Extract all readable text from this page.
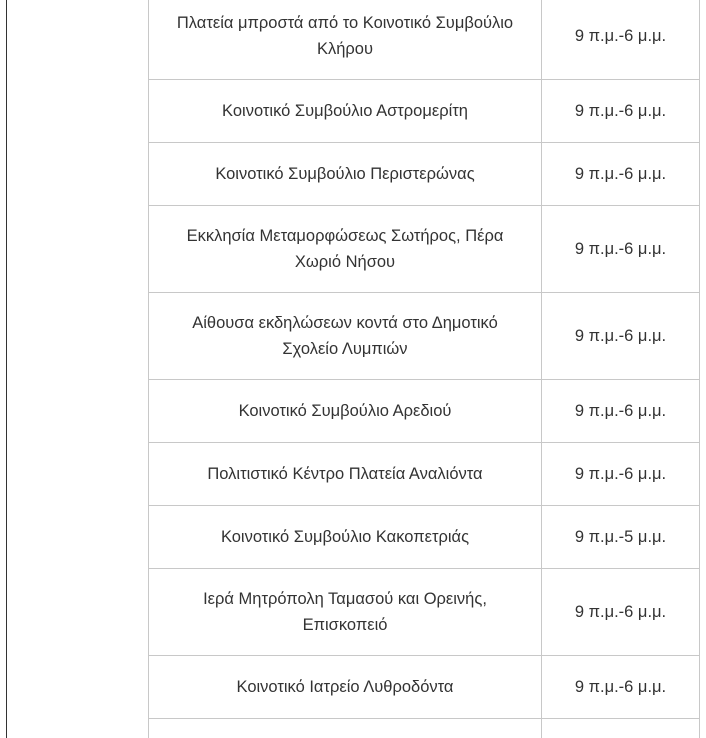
Πλατεία μπροστά από το Κοινοτικό Συμβούλιο Κλήρου	9 π.μ.-6 μ.μ.
Κοινοτικό Συμβούλιο Αστρομερίτη	9 π.μ.-6 μ.μ.
Κοινοτικό Συμβούλιο Περιστερώνας	9 π.μ.-6 μ.μ.
Εκκλησία Μεταμορφώσεως Σωτήρος, Πέρα Χωριό Νήσου	9 π.μ.-6 μ.μ.
Αίθουσα εκδηλώσεων κοντά στο Δημοτικό Σχολείο Λυμπιών	9 π.μ.-6 μ.μ.
Κοινοτικό Συμβούλιο Αρεδιού	9 π.μ.-6 μ.μ.
Πολιτιστικό Κέντρο Πλατεία Αναλιόντα	9 π.μ.-6 μ.μ.
Κοινοτικό Συμβούλιο Κακοπετριάς	9 π.μ.-5 μ.μ.
Ιερά Μητρόπολη Ταμασού και Ορεινής, Επισκοπειό	9 π.μ.-6 μ.μ.
Κοινοτικό Ιατρείο Λυθροδόντα	9 π.μ.-6 μ.μ.
